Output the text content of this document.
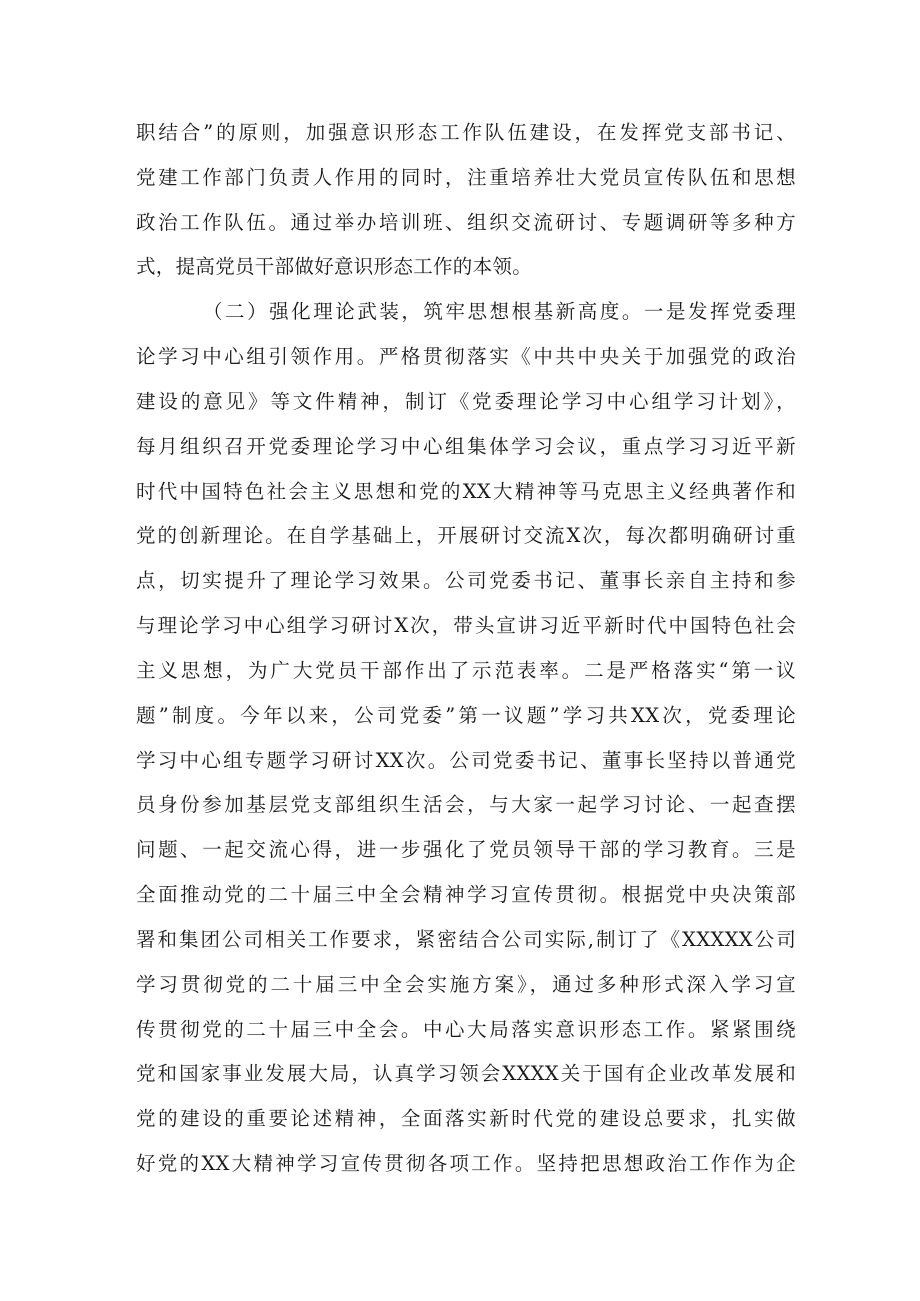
职结合”的原则，加强意识形态工作队伍建设，在发挥党支部书记、
党建工作部门负责人作用的同时，注重培养壮大党员宣传队伍和思想
政治工作队伍。通过举办培训班、组织交流研讨、专题调研等多种方
式，提高党员干部做好意识形态工作的本领。
（二）强化理论武装，筑牢思想根基新高度。一是发挥党委理
论学习中心组引领作用。严格贯彻落实《中共中央关于加强党的政治
建设的意见》等文件精神，制订《党委理论学习中心组学习计划》，
每月组织召开党委理论学习中心组集体学习会议，重点学习习近平新
时代中国特色社会主义思想和党的XX大精神等马克思主义经典著作和
党的创新理论。在自学基础上，开展研讨交流X次，每次都明确研讨重
点，切实提升了理论学习效果。公司党委书记、董事长亲自主持和参
与理论学习中心组学习研讨X次，带头宣讲习近平新时代中国特色社会
主义思想，为广大党员干部作出了示范表率。二是严格落实“第一议
题”制度。今年以来，公司党委”第一议题”学习共XX次，党委理论
学习中心组专题学习研讨XX次。公司党委书记、董事长坚持以普通党
员身份参加基层党支部组织生活会，与大家一起学习讨论、一起查摆
问题、一起交流心得，进一步强化了党员领导干部的学习教育。三是
全面推动党的二十届三中全会精神学习宣传贯彻。根据党中央决策部
署和集团公司相关工作要求，紧密结合公司实际,制订了《XXXXX公司
学习贯彻党的二十届三中全会实施方案》，通过多种形式深入学习宣
传贯彻党的二十届三中全会。中心大局落实意识形态工作。紧紧围绕
党和国家事业发展大局，认真学习领会XXXX关于国有企业改革发展和
党的建设的重要论述精神，全面落实新时代党的建设总要求，扎实做
好党的XX大精神学习宣传贯彻各项工作。坚持把思想政治工作作为企
